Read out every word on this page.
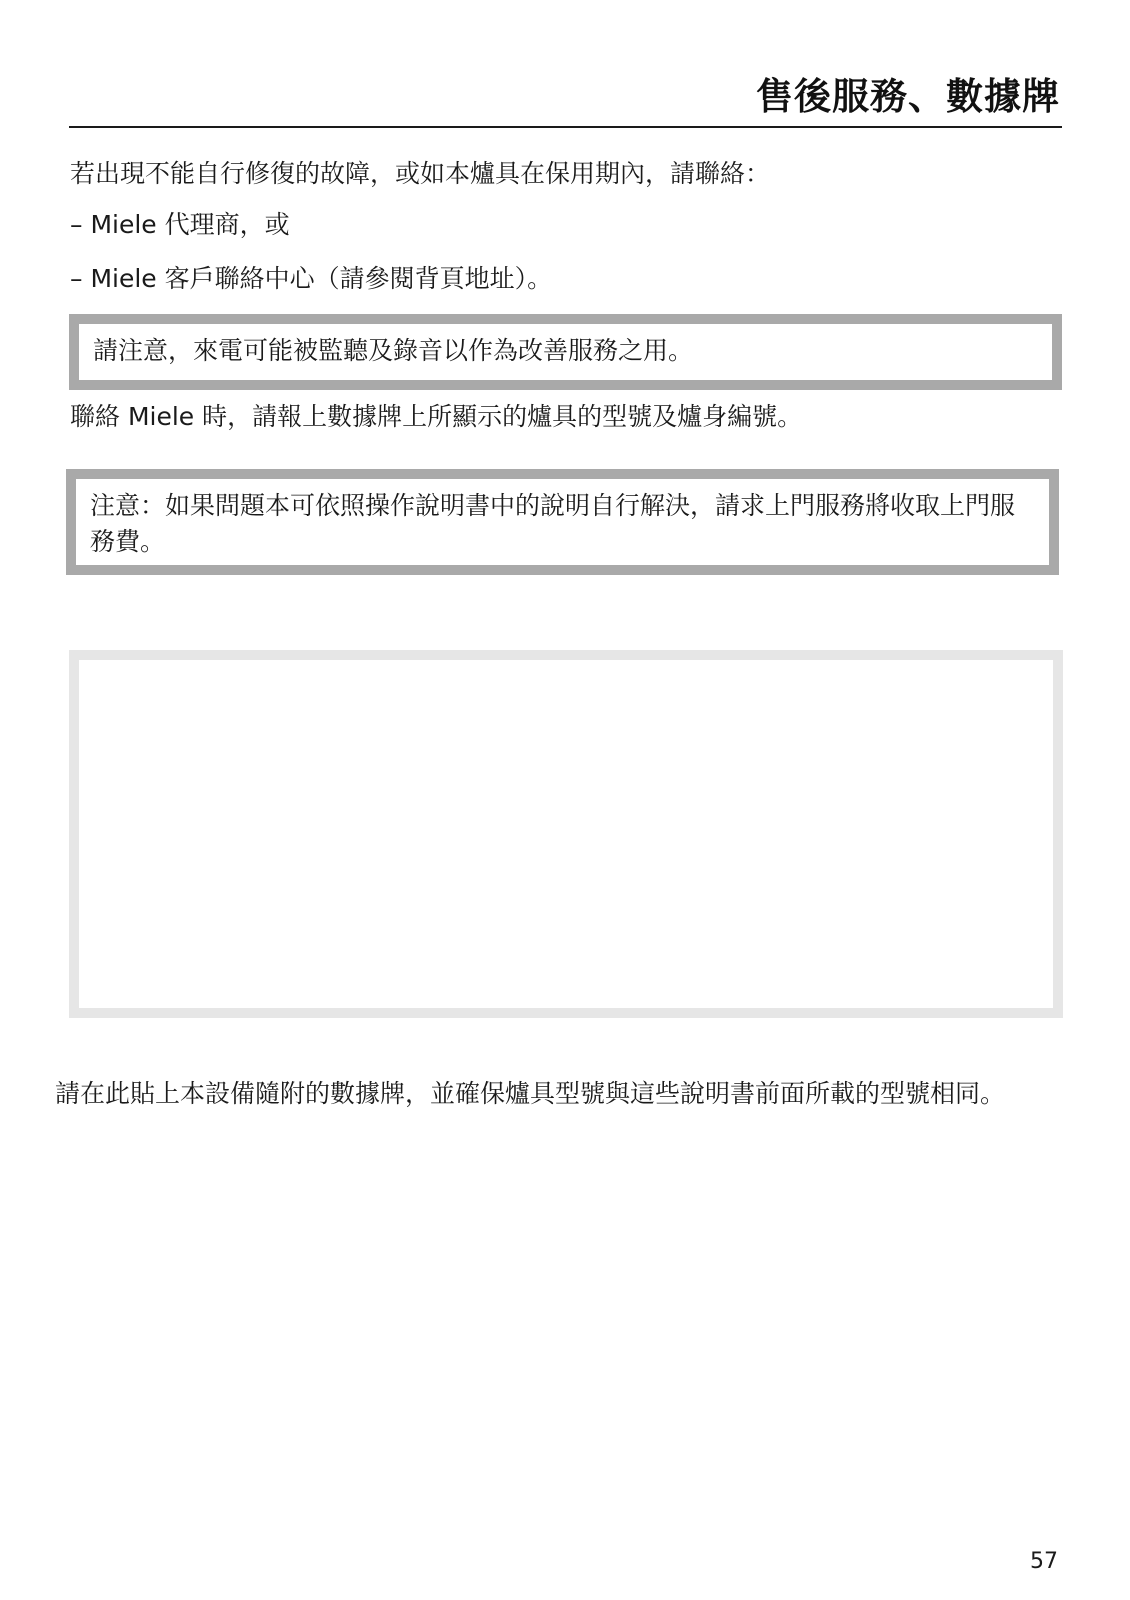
售後服務、數據牌
若出現不能自行修復的故障，或如本爐具在保用期內，請聯絡：
– Miele 代理商，或
– Miele 客戶聯絡中心（請參閱背頁地址）。
請注意，來電可能被監聽及錄音以作為改善服務之用。
聯絡 Miele 時，請報上數據牌上所顯示的爐具的型號及爐身編號。
注意：如果問題本可依照操作說明書中的說明自行解決，請求上門服務將收取上門服務費。
請在此貼上本設備隨附的數據牌，並確保爐具型號與這些說明書前面所載的型號相同。
57
